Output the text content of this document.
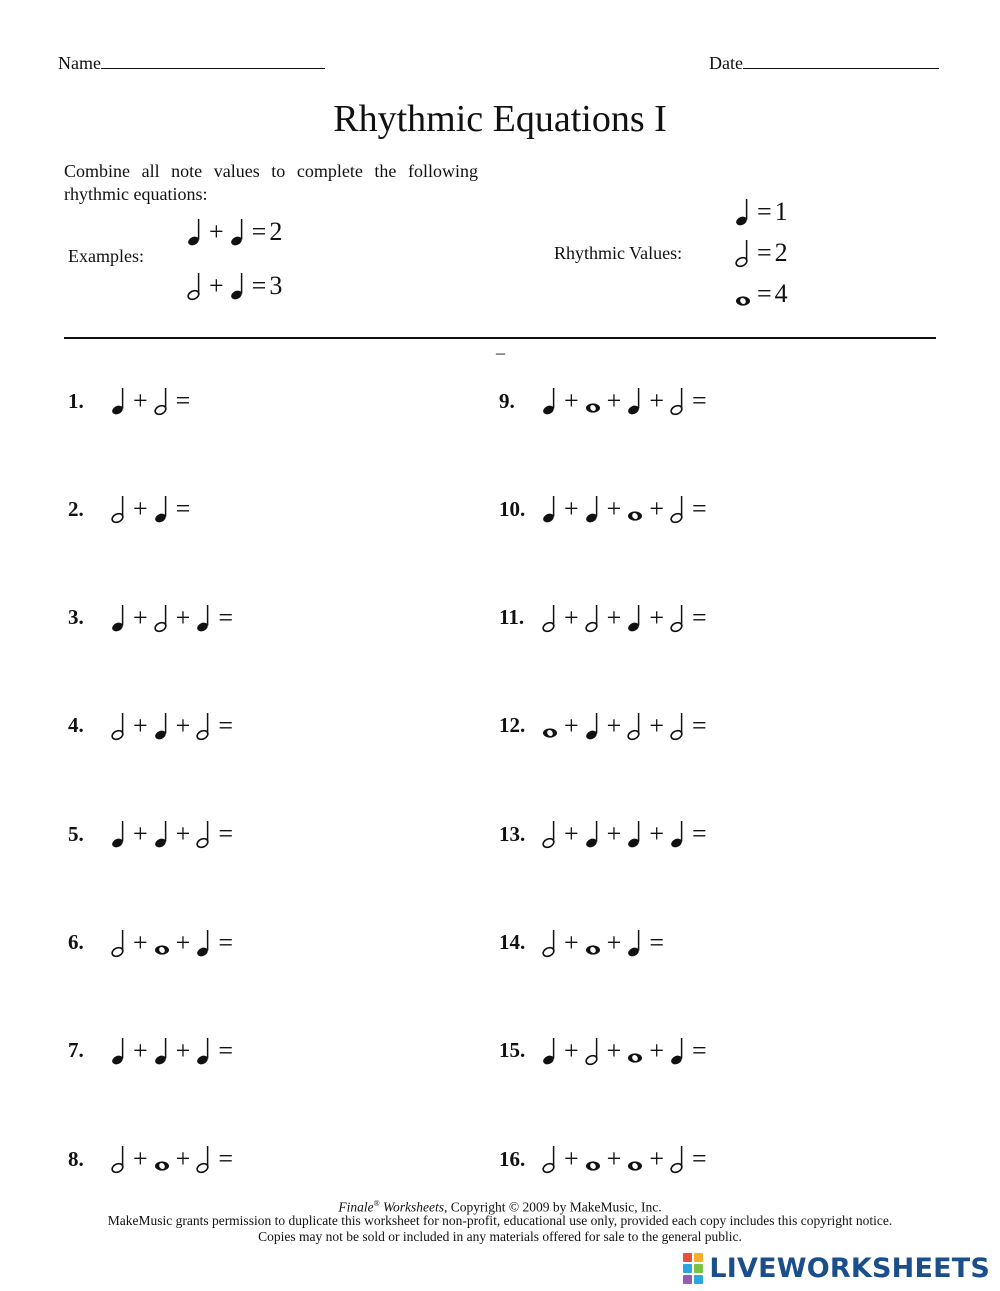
Name	Date
Rhythmic Equations I
Combine all note values to complete the following rhythmic equations:
Examples:
+ = 2
+ = 3
Rhythmic Values:
= 1
= 2
= 4
_
1.	+ =
2.	+ =
3.	+ + =
4.	+ + =
5.	+ + =
6.	+ + =
7.	+ + =
8.	+ + =
9.	+ + + =
10.	+ + + =
11.	+ + + =
12.	+ + + =
13.	+ + + =
14.	+ + =
15.	+ + + =
16.	+ + + =
Finale® Worksheets, Copyright © 2009 by MakeMusic, Inc.
MakeMusic grants permission to duplicate this worksheet for non-profit, educational use only, provided each copy includes this copyright notice.
Copies may not be sold or included in any materials offered for sale to the general public.
LIVEWORKSHEETS
